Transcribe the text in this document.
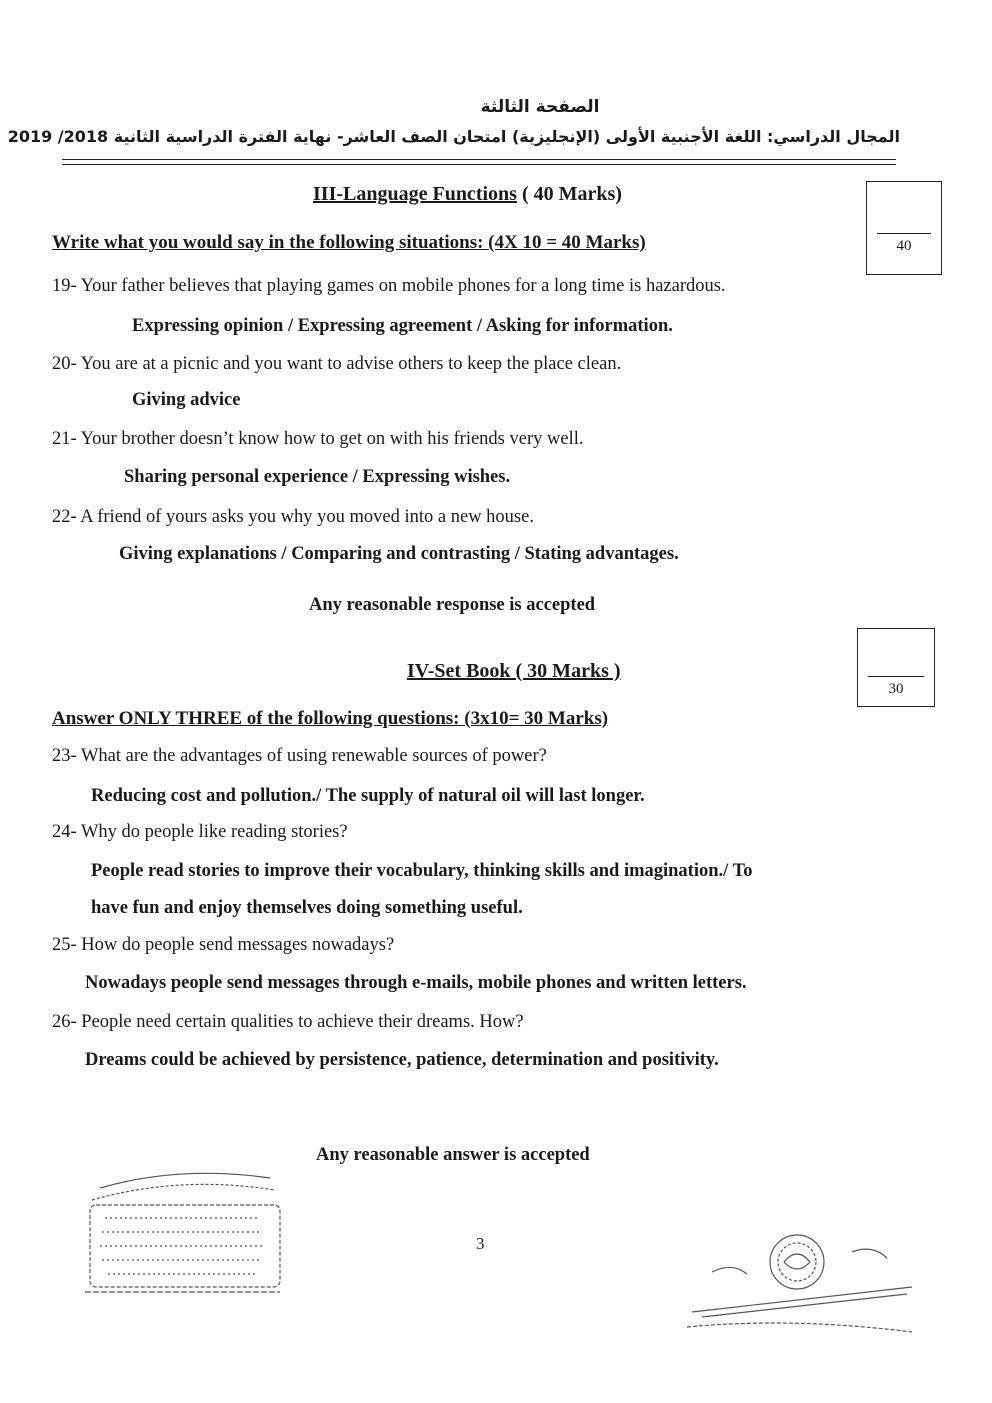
الصفحة الثالثة
المجال الدراسي: اللغة الأجنبية الأولى (الإنجليزية) امتحان الصف العاشر- نهاية الفترة الدراسية الثانية 2018/ 2019
III-Language Functions ( 40 Marks)
40
Write what you would say in the following situations: (4X 10 = 40 Marks)
19- Your father believes that playing games on mobile phones for a long time is hazardous.
Expressing opinion / Expressing agreement / Asking for information.
20- You are at a picnic and you want to advise others to keep the place clean.
Giving advice
21- Your brother doesn’t know how to get on with his friends very well.
Sharing personal experience / Expressing wishes.
22- A friend of yours asks you why you moved into a new house.
Giving explanations / Comparing and contrasting / Stating advantages.
Any reasonable response is accepted
30
IV-Set Book ( 30 Marks )
Answer ONLY THREE of the following questions: (3x10= 30 Marks)
23- What are the advantages of using renewable sources of power?
Reducing cost and pollution./ The supply of natural oil will last longer.
24- Why do people like reading stories?
People read stories to improve their vocabulary, thinking skills and imagination./ To
have fun and enjoy themselves doing something useful.
25- How do people send messages nowadays?
Nowadays people send messages through e-mails, mobile phones and written letters.
26- People need certain qualities to achieve their dreams. How?
Dreams could be achieved by persistence, patience, determination and positivity.
Any reasonable answer is accepted
3
